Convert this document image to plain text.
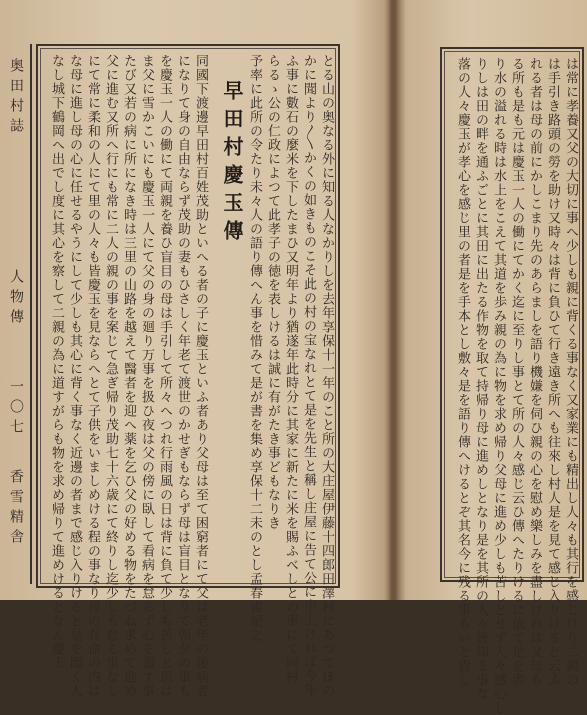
奥田村誌
人物傳
一〇七
香雪精舎	とる山の奥なる外に知る人なかりしを去年享保十一年のこと所の大庄屋伊藤十四郎田澤村にあつてほの
かに聞より〳〵かくの如きものこそ此の村の宝なれとて是を先生と稱し庄屋に告て公に申上ければ今年
ふ事に數石の麼米を下したまひ又明年より猶遂年此時分に其家に新たに米を賜ふべしとの事にて同村
らるゝ公の仁政によつて此孝子の徳を表しけるは誠に有がたき事どもなりき
予率に此所の令たり未々人の語り傳へん事を惜みて是が書を集め享保十二未のとし孟春雀紀之
早田村慶玉傳
同國下渡邊早田村百姓茂助といへる者の子に慶玉といふ者あり父母は至て困窮者にて父は老年の後病者
になりて身の自由ならず茂助の妻もひさしく年老て渡世のかせぎもならず母は盲目となりて朝夕の事も
を慶玉一人の働にて両親を養ひ盲目の母は手引して所々へつれ行雨風の日は背に負て少しも苦しと思は
ま父に雪かこいにも慶玉一人にて父の身の廻り万事を扱ひ夜は父の傍に臥して看病を怠らず心を盡す事
たび又若の病に所になき時は三里の山路を越えて醫者を迎へ薬を乞ひ父の好める物をたづね求めて進め
父に進む又所へ行にも常に二人の親の事を案じて急ぎ帰り茂助七十六歳にて終りし迄少しも怠る事なし
にて常に柔和の人にて里の人々も皆慶玉を見ならへとて子供をいましめける程の事なり母の存命の内は
な母に進し母の心に任せるやうにして少しも其心に背く事なく近邊の者まで感じ入りけると是を聞く人
なし城下鶴岡へ出でし度に其心を察して二親の為に道すがらも物を求め帰りて進めけるとなん慶玉	は常に孝養又父の大切に事へ少しも親に背くる事なく又家業にも精出し人々も其行を感じけり二親の
は手引き路頭の勞を助け又時々は背に負ひて行き遠き所へも往來し村人是を見て感じ入りけると云ふ
れる者は母の前にかしこまり先のあらましを語り機嫌を伺ひ親の心を慰め樂しみを盡しけれは又母も
る所も是も元は慶玉一人の働にてかく迄に至りし事とて所の人々感じ云ひ傳へたりけるに依て是を書
り水の溢れる時は水上をこえて其道を歩み親の為に物を求め帰り父母に進め少しも苦しとせず人々感心し
りしは田の畔を通ふごとに其田に出たる作物を取て持帰り母に進めしとなり是を其所の人々皆知る事な
落の人々慶玉が孝心を感じ里の者是を手本とし敷々是を語り傳へけるとぞ其名今に残る事もいと貴し
